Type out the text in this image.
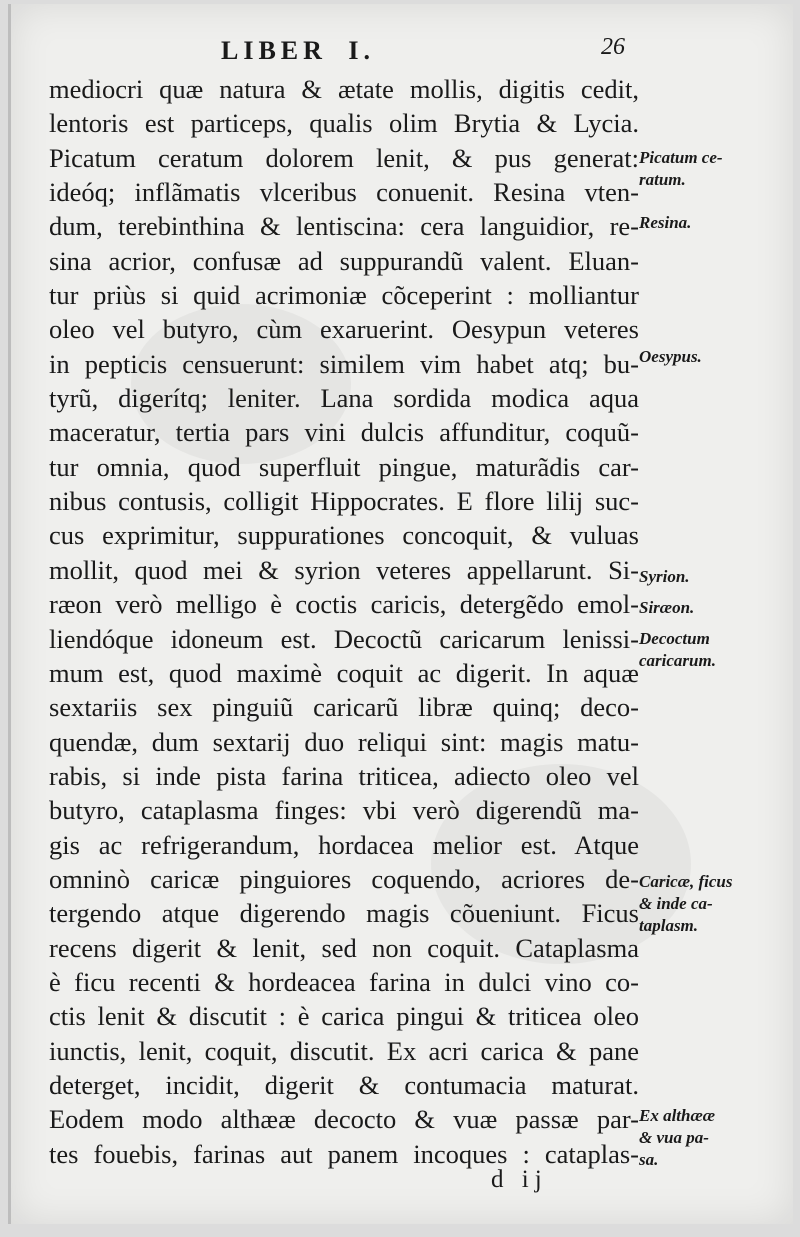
LIBER I.	26
mediocri quæ natura & ætate mollis, digitis cedit,
lentoris est particeps, qualis olim Brytia & Lycia.
Picatum ceratum dolorem lenit, & pus generat:
ideóq; inflãmatis vlceribus conuenit. Resina vten-
dum, terebinthina & lentiscina: cera languidior, re-
sina acrior, confusæ ad suppurandũ valent. Eluan-
tur priùs si quid acrimoniæ cõceperint : molliantur
oleo vel butyro, cùm exaruerint. Oesypun veteres
in pepticis censuerunt: similem vim habet atq; bu-
tyrũ, digerítq; leniter. Lana sordida modica aqua
maceratur, tertia pars vini dulcis affunditur, coquũ-
tur omnia, quod superfluit pingue, maturãdis car-
nibus contusis, colligit Hippocrates. E flore lilij suc-
cus exprimitur, suppurationes concoquit, & vuluas
mollit, quod mei & syrion veteres appellarunt. Si-
ræon verò melligo è coctis caricis, detergẽdo emol-
liendóque idoneum est. Decoctũ caricarum lenissi-
mum est, quod maximè coquit ac digerit. In aquæ
sextariis sex pinguiũ caricarũ libræ quinq; deco-
quendæ, dum sextarij duo reliqui sint: magis matu-
rabis, si inde pista farina triticea, adiecto oleo vel
butyro, cataplasma finges: vbi verò digerendũ ma-
gis ac refrigerandum, hordacea melior est. Atque
omninò caricæ pinguiores coquendo, acriores de-
tergendo atque digerendo magis cõueniunt. Ficus
recens digerit & lenit, sed non coquit. Cataplasma
è ficu recenti & hordeacea farina in dulci vino co-
ctis lenit & discutit : è carica pingui & triticea oleo
iunctis, lenit, coquit, discutit. Ex acri carica & pane
deterget, incidit, digerit & contumacia maturat.
Eodem modo althææ decocto & vuæ passæ par-
tes fouebis, farinas aut panem incoques : cataplas-
Picatum ce-
ratum.
Resina.
Oesypus.
Syrion.
Siræon.
Decoctum
caricarum.
Caricæ, ficus
& inde ca-
taplasm.
Ex althææ
& vua pa-
sa.
d ij
